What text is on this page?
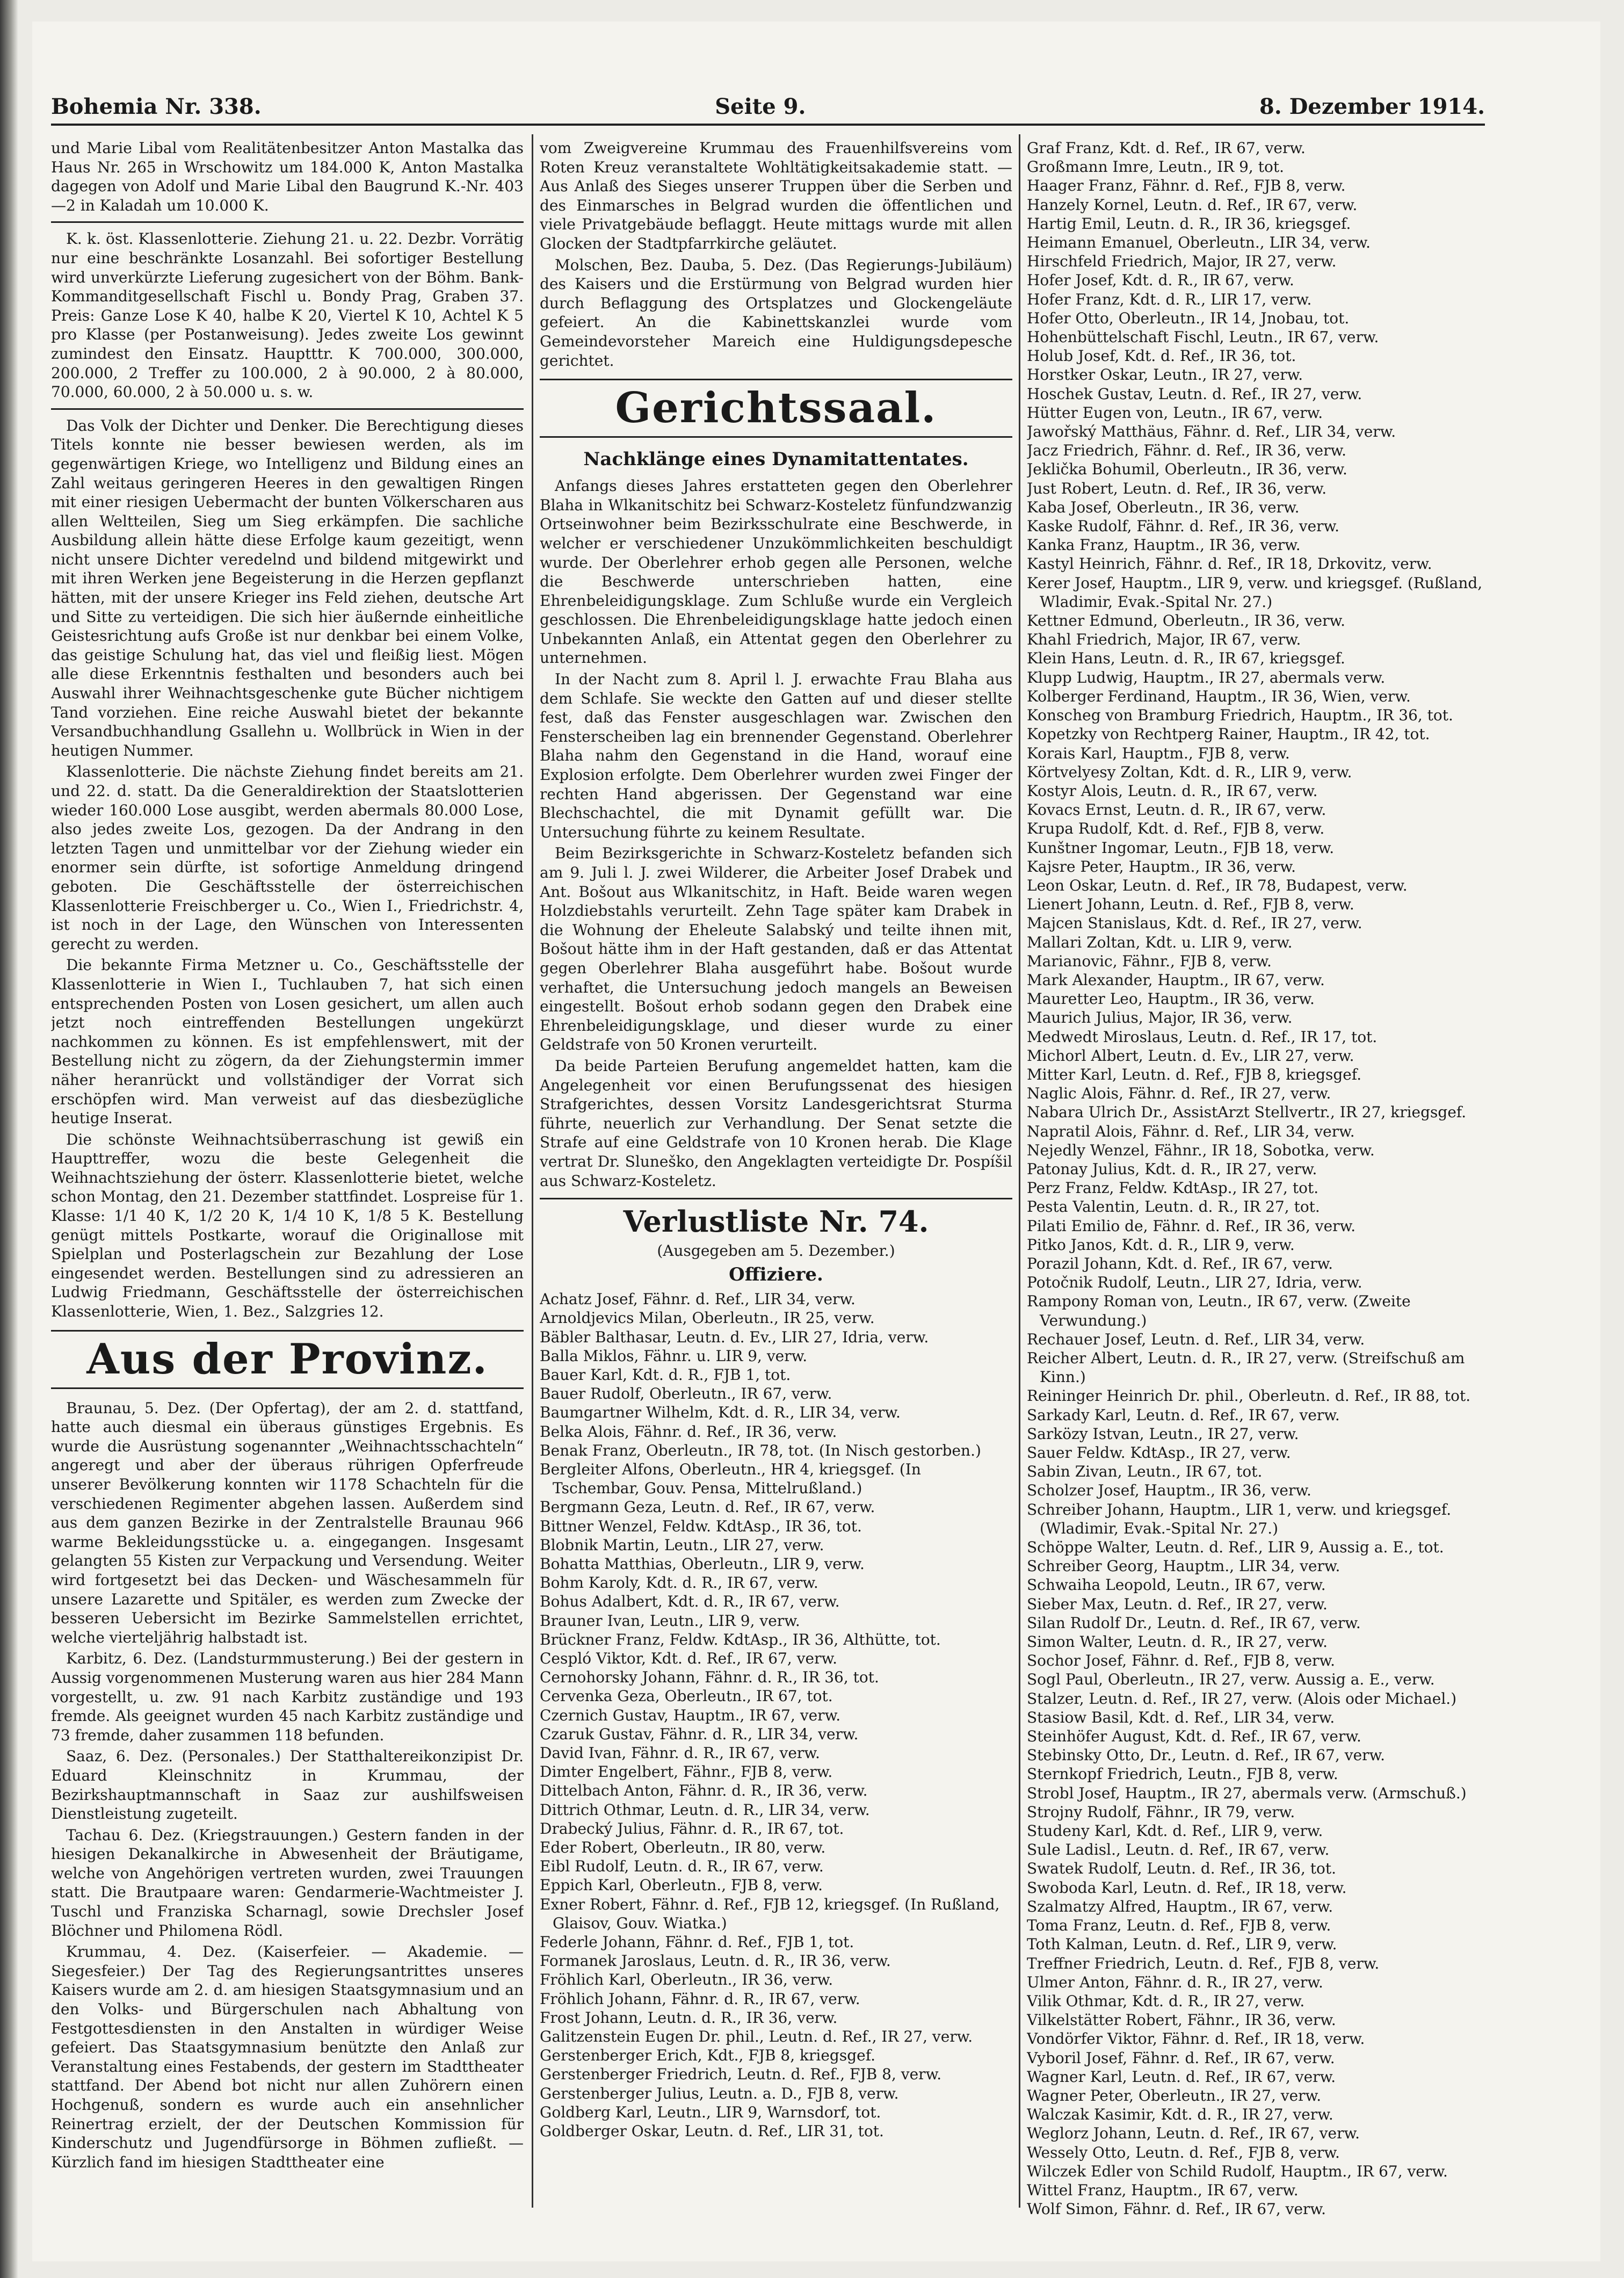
Bohemia Nr. 338.	Seite 9.	8. Dezember 1914.

und Marie Libal vom Realitätenbesitzer Anton Mastalka das Haus Nr. 265 in Wrschowitz um 184.000 K, Anton Mastalka dagegen von Adolf und Marie Libal den Baugrund K.-Nr. 403—2 in Kaladah um 10.000 K.

K. k. öst. Klassenlotterie. Ziehung 21. u. 22. Dezbr. Vorrätig nur eine beschränkte Losanzahl. Bei sofortiger Bestellung wird unverkürzte Lieferung zugesichert von der Böhm. Bank-Kommanditgesellschaft Fischl u. Bondy Prag, Graben 37. Preis: Ganze Lose K 40, halbe K 20, Viertel K 10, Achtel K 5 pro Klasse (per Postanweisung). Jedes zweite Los gewinnt zumindest den Einsatz. Hauptttr. K 700.000, 300.000, 200.000, 2 Treffer zu 100.000, 2 à 90.000, 2 à 80.000, 70.000, 60.000, 2 à 50.000 u. s. w.

Das Volk der Dichter und Denker. Die Berechtigung dieses Titels konnte nie besser bewiesen werden, als im gegenwärtigen Kriege, wo Intelligenz und Bildung eines an Zahl weitaus geringeren Heeres in den gewaltigen Ringen mit einer riesigen Uebermacht der bunten Völkerscharen aus allen Weltteilen, Sieg um Sieg erkämpfen. Die sachliche Ausbildung allein hätte diese Erfolge kaum gezeitigt, wenn nicht unsere Dichter veredelnd und bildend mitgewirkt und mit ihren Werken jene Begeisterung in die Herzen gepflanzt hätten, mit der unsere Krieger ins Feld ziehen, deutsche Art und Sitte zu verteidigen. Die sich hier äußernde einheitliche Geistesrichtung aufs Große ist nur denkbar bei einem Volke, das geistige Schulung hat, das viel und fleißig liest. Mögen alle diese Erkenntnis festhalten und besonders auch bei Auswahl ihrer Weihnachtsgeschenke gute Bücher nichtigem Tand vorziehen. Eine reiche Auswahl bietet der bekannte Versandbuchhandlung Gsallehn u. Wollbrück in Wien in der heutigen Nummer.

Klassenlotterie. Die nächste Ziehung findet bereits am 21. und 22. d. statt. Da die Generaldirektion der Staatslotterien wieder 160.000 Lose ausgibt, werden abermals 80.000 Lose, also jedes zweite Los, gezogen. Da der Andrang in den letzten Tagen und unmittelbar vor der Ziehung wieder ein enormer sein dürfte, ist sofortige Anmeldung dringend geboten. Die Geschäftsstelle der österreichischen Klassenlotterie Freischberger u. Co., Wien I., Friedrichstr. 4, ist noch in der Lage, den Wünschen von Interessenten gerecht zu werden.

Die bekannte Firma Metzner u. Co., Geschäftsstelle der Klassenlotterie in Wien I., Tuchlauben 7, hat sich einen entsprechenden Posten von Losen gesichert, um allen auch jetzt noch eintreffenden Bestellungen ungekürzt nachkommen zu können. Es ist empfehlenswert, mit der Bestellung nicht zu zögern, da der Ziehungstermin immer näher heranrückt und vollständiger der Vorrat sich erschöpfen wird. Man verweist auf das diesbezügliche heutige Inserat.

Die schönste Weihnachtsüberraschung ist gewiß ein Haupttreffer, wozu die beste Gelegenheit die Weihnachtsziehung der österr. Klassenlotterie bietet, welche schon Montag, den 21. Dezember stattfindet. Lospreise für 1. Klasse: 1/1 40 K, 1/2 20 K, 1/4 10 K, 1/8 5 K. Bestellung genügt mittels Postkarte, worauf die Originallose mit Spielplan und Posterlagschein zur Bezahlung der Lose eingesendet werden. Bestellungen sind zu adressieren an Ludwig Friedmann, Geschäftsstelle der österreichischen Klassenlotterie, Wien, 1. Bez., Salzgries 12.

Aus der Provinz.

Braunau, 5. Dez. (Der Opfertag), der am 2. d. stattfand, hatte auch diesmal ein überaus günstiges Ergebnis. Es wurde die Ausrüstung sogenannter „Weihnachtsschachteln“ angeregt und aber der überaus rührigen Opferfreude unserer Bevölkerung konnten wir 1178 Schachteln für die verschiedenen Regimenter abgehen lassen. Außerdem sind aus dem ganzen Bezirke in der Zentralstelle Braunau 966 warme Bekleidungsstücke u. a. eingegangen. Insgesamt gelangten 55 Kisten zur Verpackung und Versendung. Weiter wird fortgesetzt bei das Decken- und Wäschesammeln für unsere Lazarette und Spitäler, es werden zum Zwecke der besseren Uebersicht im Bezirke Sammelstellen errichtet, welche vierteljährig halbstadt ist.

Karbitz, 6. Dez. (Landsturmmusterung.) Bei der gestern in Aussig vorgenommenen Musterung waren aus hier 284 Mann vorgestellt, u. zw. 91 nach Karbitz zuständige und 193 fremde. Als geeignet wurden 45 nach Karbitz zuständige und 73 fremde, daher zusammen 118 befunden.

Saaz, 6. Dez. (Personales.) Der Statthaltereikonzipist Dr. Eduard Kleinschnitz in Krummau, der Bezirkshauptmannschaft in Saaz zur aushilfsweisen Dienstleistung zugeteilt.

Tachau 6. Dez. (Kriegstrauungen.) Gestern fanden in der hiesigen Dekanalkirche in Abwesenheit der Bräutigame, welche von Angehörigen vertreten wurden, zwei Trauungen statt. Die Brautpaare waren: Gendarmerie-Wachtmeister J. Tuschl und Franziska Scharnagl, sowie Drechsler Josef Blöchner und Philomena Rödl.

Krummau, 4. Dez. (Kaiserfeier. — Akademie. — Siegesfeier.) Der Tag des Regierungsantrittes unseres Kaisers wurde am 2. d. am hiesigen Staatsgymnasium und an den Volks- und Bürgerschulen nach Abhaltung von Festgottesdiensten in den Anstalten in würdiger Weise gefeiert. Das Staatsgymnasium benützte den Anlaß zur Veranstaltung eines Festabends, der gestern im Stadttheater stattfand. Der Abend bot nicht nur allen Zuhörern einen Hochgenuß, sondern es wurde auch ein ansehnlicher Reinertrag erzielt, der der Deutschen Kommission für Kinderschutz und Jugendfürsorge in Böhmen zufließt. — Kürzlich fand im hiesigen Stadttheater eine

vom Zweigvereine Krummau des Frauenhilfsvereins vom Roten Kreuz veranstaltete Wohltätigkeitsakademie statt. — Aus Anlaß des Sieges unserer Truppen über die Serben und des Einmarsches in Belgrad wurden die öffentlichen und viele Privatgebäude beflaggt. Heute mittags wurde mit allen Glocken der Stadtpfarrkirche geläutet.

Molschen, Bez. Dauba, 5. Dez. (Das Regierungs-Jubiläum) des Kaisers und die Erstürmung von Belgrad wurden hier durch Beflaggung des Ortsplatzes und Glockengeläute gefeiert. An die Kabinettskanzlei wurde vom Gemeindevorsteher Mareich eine Huldigungsdepesche gerichtet.

Gerichtssaal.
Nachklänge eines Dynamitattentates.

Anfangs dieses Jahres erstatteten gegen den Oberlehrer Blaha in Wlkanitschitz bei Schwarz-Kosteletz fünfundzwanzig Ortseinwohner beim Bezirksschulrate eine Beschwerde, in welcher er verschiedener Unzukömmlichkeiten beschuldigt wurde. Der Oberlehrer erhob gegen alle Personen, welche die Beschwerde unterschrieben hatten, eine Ehrenbeleidigungsklage. Zum Schluße wurde ein Vergleich geschlossen. Die Ehrenbeleidigungsklage hatte jedoch einen Unbekannten Anlaß, ein Attentat gegen den Oberlehrer zu unternehmen.

In der Nacht zum 8. April l. J. erwachte Frau Blaha aus dem Schlafe. Sie weckte den Gatten auf und dieser stellte fest, daß das Fenster ausgeschlagen war. Zwischen den Fensterscheiben lag ein brennender Gegenstand. Oberlehrer Blaha nahm den Gegenstand in die Hand, worauf eine Explosion erfolgte. Dem Oberlehrer wurden zwei Finger der rechten Hand abgerissen. Der Gegenstand war eine Blechschachtel, die mit Dynamit gefüllt war. Die Untersuchung führte zu keinem Resultate.

Beim Bezirksgerichte in Schwarz-Kosteletz befanden sich am 9. Juli l. J. zwei Wilderer, die Arbeiter Josef Drabek und Ant. Bošout aus Wlkanitschitz, in Haft. Beide waren wegen Holzdiebstahls verurteilt. Zehn Tage später kam Drabek in die Wohnung der Eheleute Salabský und teilte ihnen mit, Bošout hätte ihm in der Haft gestanden, daß er das Attentat gegen Oberlehrer Blaha ausgeführt habe. Bošout wurde verhaftet, die Untersuchung jedoch mangels an Beweisen eingestellt. Bošout erhob sodann gegen den Drabek eine Ehrenbeleidigungsklage, und dieser wurde zu einer Geldstrafe von 50 Kronen verurteilt.

Da beide Parteien Berufung angemeldet hatten, kam die Angelegenheit vor einen Berufungssenat des hiesigen Strafgerichtes, dessen Vorsitz Landesgerichtsrat Sturma führte, neuerlich zur Verhandlung. Der Senat setzte die Strafe auf eine Geldstrafe von 10 Kronen herab. Die Klage vertrat Dr. Sluneško, den Angeklagten verteidigte Dr. Pospíšil aus Schwarz-Kosteletz.

Verlustliste Nr. 74.
(Ausgegeben am 5. Dezember.)
Offiziere.

Achatz Josef, Fähnr. d. Ref., LIR 34, verw.

Arnoldjevics Milan, Oberleutn., IR 25, verw.

Bäbler Balthasar, Leutn. d. Ev., LIR 27, Idria, verw.

Balla Miklos, Fähnr. u. LIR 9, verw.

Bauer Karl, Kdt. d. R., FJB 1, tot.

Bauer Rudolf, Oberleutn., IR 67, verw.

Baumgartner Wilhelm, Kdt. d. R., LIR 34, verw.

Belka Alois, Fähnr. d. Ref., IR 36, verw.

Benak Franz, Oberleutn., IR 78, tot. (In Nisch gestorben.)

Bergleiter Alfons, Oberleutn., HR 4, kriegsgef. (In Tschembar, Gouv. Pensa, Mittelrußland.)

Bergmann Geza, Leutn. d. Ref., IR 67, verw.

Bittner Wenzel, Feldw. KdtAsp., IR 36, tot.

Blobnik Martin, Leutn., LIR 27, verw.

Bohatta Matthias, Oberleutn., LIR 9, verw.

Bohm Karoly, Kdt. d. R., IR 67, verw.

Bohus Adalbert, Kdt. d. R., IR 67, verw.

Brauner Ivan, Leutn., LIR 9, verw.

Brückner Franz, Feldw. KdtAsp., IR 36, Althütte, tot.

Cespló Viktor, Kdt. d. Ref., IR 67, verw.

Cernohorsky Johann, Fähnr. d. R., IR 36, tot.

Cervenka Geza, Oberleutn., IR 67, tot.

Czernich Gustav, Hauptm., IR 67, verw.

Czaruk Gustav, Fähnr. d. R., LIR 34, verw.

David Ivan, Fähnr. d. R., IR 67, verw.

Dimter Engelbert, Fähnr., FJB 8, verw.

Dittelbach Anton, Fähnr. d. R., IR 36, verw.

Dittrich Othmar, Leutn. d. R., LIR 34, verw.

Drabecký Julius, Fähnr. d. R., IR 67, tot.

Eder Robert, Oberleutn., IR 80, verw.

Eibl Rudolf, Leutn. d. R., IR 67, verw.

Eppich Karl, Oberleutn., FJB 8, verw.

Exner Robert, Fähnr. d. Ref., FJB 12, kriegsgef. (In Rußland, Glaisov, Gouv. Wiatka.)

Federle Johann, Fähnr. d. Ref., FJB 1, tot.

Formanek Jaroslaus, Leutn. d. R., IR 36, verw.

Fröhlich Karl, Oberleutn., IR 36, verw.

Fröhlich Johann, Fähnr. d. R., IR 67, verw.

Frost Johann, Leutn. d. R., IR 36, verw.

Galitzenstein Eugen Dr. phil., Leutn. d. Ref., IR 27, verw.

Gerstenberger Erich, Kdt., FJB 8, kriegsgef.

Gerstenberger Friedrich, Leutn. d. Ref., FJB 8, verw.

Gerstenberger Julius, Leutn. a. D., FJB 8, verw.

Goldberg Karl, Leutn., LIR 9, Warnsdorf, tot.

Goldberger Oskar, Leutn. d. Ref., LIR 31, tot.

Graf Franz, Kdt. d. Ref., IR 67, verw.

Großmann Imre, Leutn., IR 9, tot.

Haager Franz, Fähnr. d. Ref., FJB 8, verw.

Hanzely Kornel, Leutn. d. Ref., IR 67, verw.

Hartig Emil, Leutn. d. R., IR 36, kriegsgef.

Heimann Emanuel, Oberleutn., LIR 34, verw.

Hirschfeld Friedrich, Major, IR 27, verw.

Hofer Josef, Kdt. d. R., IR 67, verw.

Hofer Franz, Kdt. d. R., LIR 17, verw.

Hofer Otto, Oberleutn., IR 14, Jnobau, tot.

Hohenbüttelschaft Fischl, Leutn., IR 67, verw.

Holub Josef, Kdt. d. Ref., IR 36, tot.

Horstker Oskar, Leutn., IR 27, verw.

Hoschek Gustav, Leutn. d. Ref., IR 27, verw.

Hütter Eugen von, Leutn., IR 67, verw.

Jawořský Matthäus, Fähnr. d. Ref., LIR 34, verw.

Jacz Friedrich, Fähnr. d. Ref., IR 36, verw.

Jeklička Bohumil, Oberleutn., IR 36, verw.

Just Robert, Leutn. d. Ref., IR 36, verw.

Kaba Josef, Oberleutn., IR 36, verw.

Kaske Rudolf, Fähnr. d. Ref., IR 36, verw.

Kanka Franz, Hauptm., IR 36, verw.

Kastyl Heinrich, Fähnr. d. Ref., IR 18, Drkovitz, verw.

Kerer Josef, Hauptm., LIR 9, verw. und kriegsgef. (Rußland, Wladimir, Evak.-Spital Nr. 27.)

Kettner Edmund, Oberleutn., IR 36, verw.

Khahl Friedrich, Major, IR 67, verw.

Klein Hans, Leutn. d. R., IR 67, kriegsgef.

Klupp Ludwig, Hauptm., IR 27, abermals verw.

Kolberger Ferdinand, Hauptm., IR 36, Wien, verw.

Konscheg von Bramburg Friedrich, Hauptm., IR 36, tot.

Kopetzky von Rechtperg Rainer, Hauptm., IR 42, tot.

Korais Karl, Hauptm., FJB 8, verw.

Körtvelyesy Zoltan, Kdt. d. R., LIR 9, verw.

Kostyr Alois, Leutn. d. R., IR 67, verw.

Kovacs Ernst, Leutn. d. R., IR 67, verw.

Krupa Rudolf, Kdt. d. Ref., FJB 8, verw.

Kunštner Ingomar, Leutn., FJB 18, verw.

Kajsre Peter, Hauptm., IR 36, verw.

Leon Oskar, Leutn. d. Ref., IR 78, Budapest, verw.

Lienert Johann, Leutn. d. Ref., FJB 8, verw.

Majcen Stanislaus, Kdt. d. Ref., IR 27, verw.

Mallari Zoltan, Kdt. u. LIR 9, verw.

Marianovic, Fähnr., FJB 8, verw.

Mark Alexander, Hauptm., IR 67, verw.

Mauretter Leo, Hauptm., IR 36, verw.

Maurich Julius, Major, IR 36, verw.

Medwedt Miroslaus, Leutn. d. Ref., IR 17, tot.

Michorl Albert, Leutn. d. Ev., LIR 27, verw.

Mitter Karl, Leutn. d. Ref., FJB 8, kriegsgef.

Naglic Alois, Fähnr. d. Ref., IR 27, verw.

Nabara Ulrich Dr., AssistArzt Stellvertr., IR 27, kriegsgef.

Napratil Alois, Fähnr. d. Ref., LIR 34, verw.

Nejedly Wenzel, Fähnr., IR 18, Sobotka, verw.

Patonay Julius, Kdt. d. R., IR 27, verw.

Perz Franz, Feldw. KdtAsp., IR 27, tot.

Pesta Valentin, Leutn. d. R., IR 27, tot.

Pilati Emilio de, Fähnr. d. Ref., IR 36, verw.

Pitko Janos, Kdt. d. R., LIR 9, verw.

Porazil Johann, Kdt. d. Ref., IR 67, verw.

Potočnik Rudolf, Leutn., LIR 27, Idria, verw.

Rampony Roman von, Leutn., IR 67, verw. (Zweite Verwundung.)

Rechauer Josef, Leutn. d. Ref., LIR 34, verw.

Reicher Albert, Leutn. d. R., IR 27, verw. (Streifschuß am Kinn.)

Reininger Heinrich Dr. phil., Oberleutn. d. Ref., IR 88, tot.

Sarkady Karl, Leutn. d. Ref., IR 67, verw.

Sarközy Istvan, Leutn., IR 27, verw.

Sauer Feldw. KdtAsp., IR 27, verw.

Sabin Zivan, Leutn., IR 67, tot.

Scholzer Josef, Hauptm., IR 36, verw.

Schreiber Johann, Hauptm., LIR 1, verw. und kriegsgef. (Wladimir, Evak.-Spital Nr. 27.)

Schöppe Walter, Leutn. d. Ref., LIR 9, Aussig a. E., tot.

Schreiber Georg, Hauptm., LIR 34, verw.

Schwaiha Leopold, Leutn., IR 67, verw.

Sieber Max, Leutn. d. Ref., IR 27, verw.

Silan Rudolf Dr., Leutn. d. Ref., IR 67, verw.

Simon Walter, Leutn. d. R., IR 27, verw.

Sochor Josef, Fähnr. d. Ref., FJB 8, verw.

Sogl Paul, Oberleutn., IR 27, verw. Aussig a. E., verw.

Stalzer, Leutn. d. Ref., IR 27, verw. (Alois oder Michael.)

Stasiow Basil, Kdt. d. Ref., LIR 34, verw.

Steinhöfer August, Kdt. d. Ref., IR 67, verw.

Stebinsky Otto, Dr., Leutn. d. Ref., IR 67, verw.

Sternkopf Friedrich, Leutn., FJB 8, verw.

Strobl Josef, Hauptm., IR 27, abermals verw. (Armschuß.)

Strojny Rudolf, Fähnr., IR 79, verw.

Studeny Karl, Kdt. d. Ref., LIR 9, verw.

Sule Ladisl., Leutn. d. Ref., IR 67, verw.

Swatek Rudolf, Leutn. d. Ref., IR 36, tot.

Swoboda Karl, Leutn. d. Ref., IR 18, verw.

Szalmatzy Alfred, Hauptm., IR 67, verw.

Toma Franz, Leutn. d. Ref., FJB 8, verw.

Toth Kalman, Leutn. d. Ref., LIR 9, verw.

Treffner Friedrich, Leutn. d. Ref., FJB 8, verw.

Ulmer Anton, Fähnr. d. R., IR 27, verw.

Vilik Othmar, Kdt. d. R., IR 27, verw.

Vilkelstätter Robert, Fähnr., IR 36, verw.

Vondörfer Viktor, Fähnr. d. Ref., IR 18, verw.

Vyboril Josef, Fähnr. d. Ref., IR 67, verw.

Wagner Karl, Leutn. d. Ref., IR 67, verw.

Wagner Peter, Oberleutn., IR 27, verw.

Walczak Kasimir, Kdt. d. R., IR 27, verw.

Weglorz Johann, Leutn. d. Ref., IR 67, verw.

Wessely Otto, Leutn. d. Ref., FJB 8, verw.

Wilczek Edler von Schild Rudolf, Hauptm., IR 67, verw.

Wittel Franz, Hauptm., IR 67, verw.

Wolf Simon, Fähnr. d. Ref., IR 67, verw.
